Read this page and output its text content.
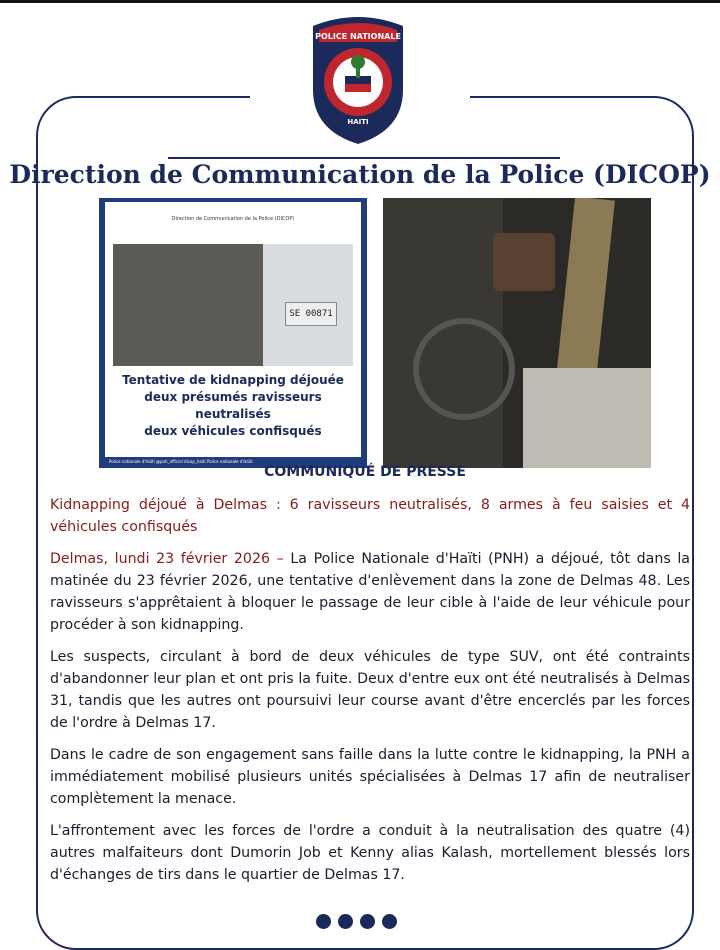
POLICE NATIONALE
HAITI
Direction de Communication de la Police (DICOP)
Direction de Communication de la Police (DICOP)
SE 00871
Tentative de kidnapping déjouée
deux présumés ravisseurs neutralisés
deux véhicules confisqués
Police nationale d'Haïti @pnh_officiel dicop_haiti Police nationale d'Haïti
COMMUNIQUÉ DE PRESSE

Kidnapping déjoué à Delmas : 6 ravisseurs neutralisés, 8 armes à feu saisies et 4 véhicules confisqués

Delmas, lundi 23 février 2026 – La Police Nationale d'Haïti (PNH) a déjoué, tôt dans la matinée du 23 février 2026, une tentative d'enlèvement dans la zone de Delmas 48. Les ravisseurs s'apprêtaient à bloquer le passage de leur cible à l'aide de leur véhicule pour procéder à son kidnapping.

Les suspects, circulant à bord de deux véhicules de type SUV, ont été contraints d'abandonner leur plan et ont pris la fuite. Deux d'entre eux ont été neutralisés à Delmas 31, tandis que les autres ont poursuivi leur course avant d'être encerclés par les forces de l'ordre à Delmas 17.

Dans le cadre de son engagement sans faille dans la lutte contre le kidnapping, la PNH a immédiatement mobilisé plusieurs unités spécialisées à Delmas 17 afin de neutraliser complètement la menace.

L'affrontement avec les forces de l'ordre a conduit à la neutralisation des quatre (4) autres malfaiteurs dont Dumorin Job et Kenny alias Kalash, mortellement blessés lors d'échanges de tirs dans le quartier de Delmas 17.
